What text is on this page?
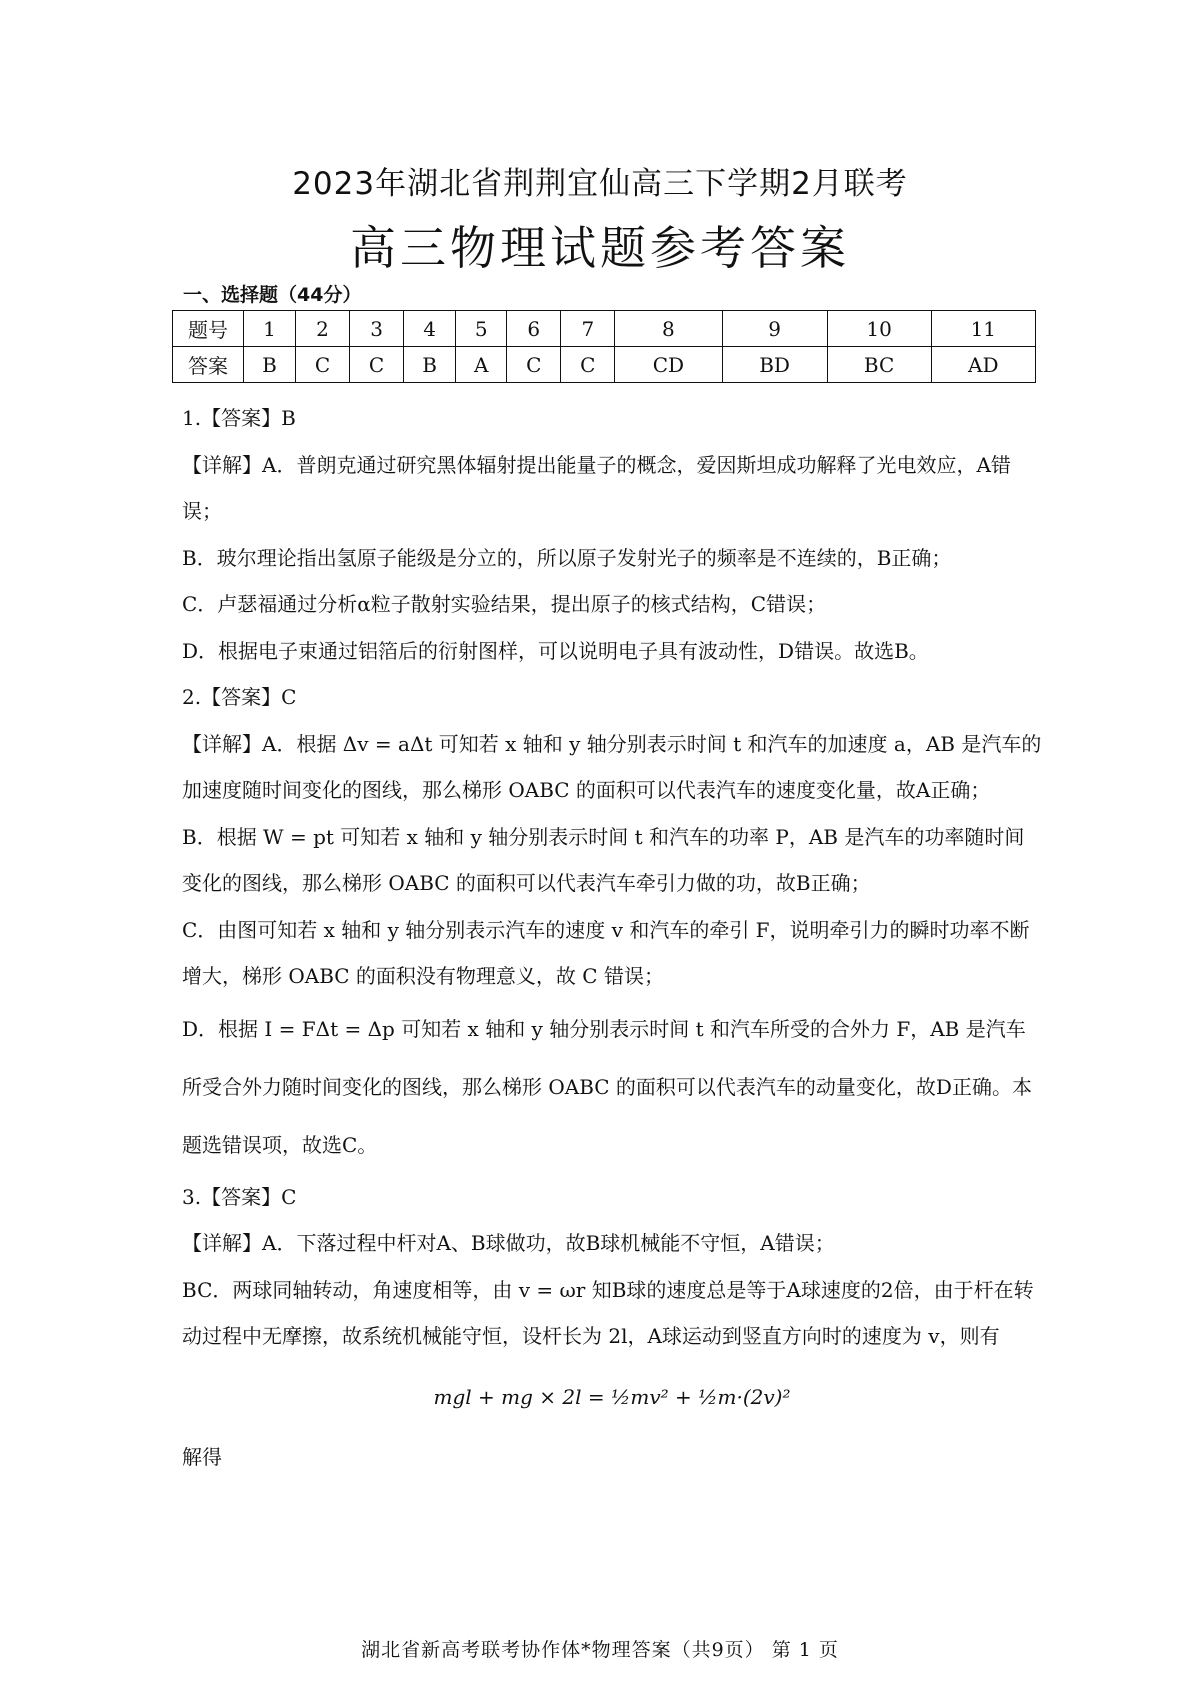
2023年湖北省荆荆宜仙高三下学期2月联考
高三物理试题参考答案
一、选择题（44分）
题号	1	2	3	4	5	6	7	8	9	10	11
答案	B	C	C	B	A	C	C	CD	BD	BC	AD

1.【答案】B

【详解】A．普朗克通过研究黑体辐射提出能量子的概念，爱因斯坦成功解释了光电效应，A错误；

B．玻尔理论指出氢原子能级是分立的，所以原子发射光子的频率是不连续的，B正确；

C．卢瑟福通过分析α粒子散射实验结果，提出原子的核式结构，C错误；

D．根据电子束通过铝箔后的衍射图样，可以说明电子具有波动性，D错误。故选B。

2.【答案】C

【详解】A．根据 Δv = aΔt 可知若 x 轴和 y 轴分别表示时间 t 和汽车的加速度 a，AB 是汽车的加速度随时间变化的图线，那么梯形 OABC 的面积可以代表汽车的速度变化量，故A正确；

B．根据 W = pt 可知若 x 轴和 y 轴分别表示时间 t 和汽车的功率 P，AB 是汽车的功率随时间变化的图线，那么梯形 OABC 的面积可以代表汽车牵引力做的功，故B正确；

C．由图可知若 x 轴和 y 轴分别表示汽车的速度 v 和汽车的牵引 F，说明牵引力的瞬时功率不断增大，梯形 OABC 的面积没有物理意义，故 C 错误；

D．根据 I = FΔt = Δp 可知若 x 轴和 y 轴分别表示时间 t 和汽车所受的合外力 F，AB 是汽车所受合外力随时间变化的图线，那么梯形 OABC 的面积可以代表汽车的动量变化，故D正确。本题选错误项，故选C。

3.【答案】C

【详解】A．下落过程中杆对A、B球做功，故B球机械能不守恒，A错误；

BC．两球同轴转动，角速度相等，由 v = ωr 知B球的速度总是等于A球速度的2倍，由于杆在转动过程中无摩擦，故系统机械能守恒，设杆长为 2l，A球运动到竖直方向时的速度为 v，则有

mgl + mg × 2l = ½mv² + ½m·(2v)²

解得

湖北省新高考联考协作体*物理答案（共9页） 第 1 页
